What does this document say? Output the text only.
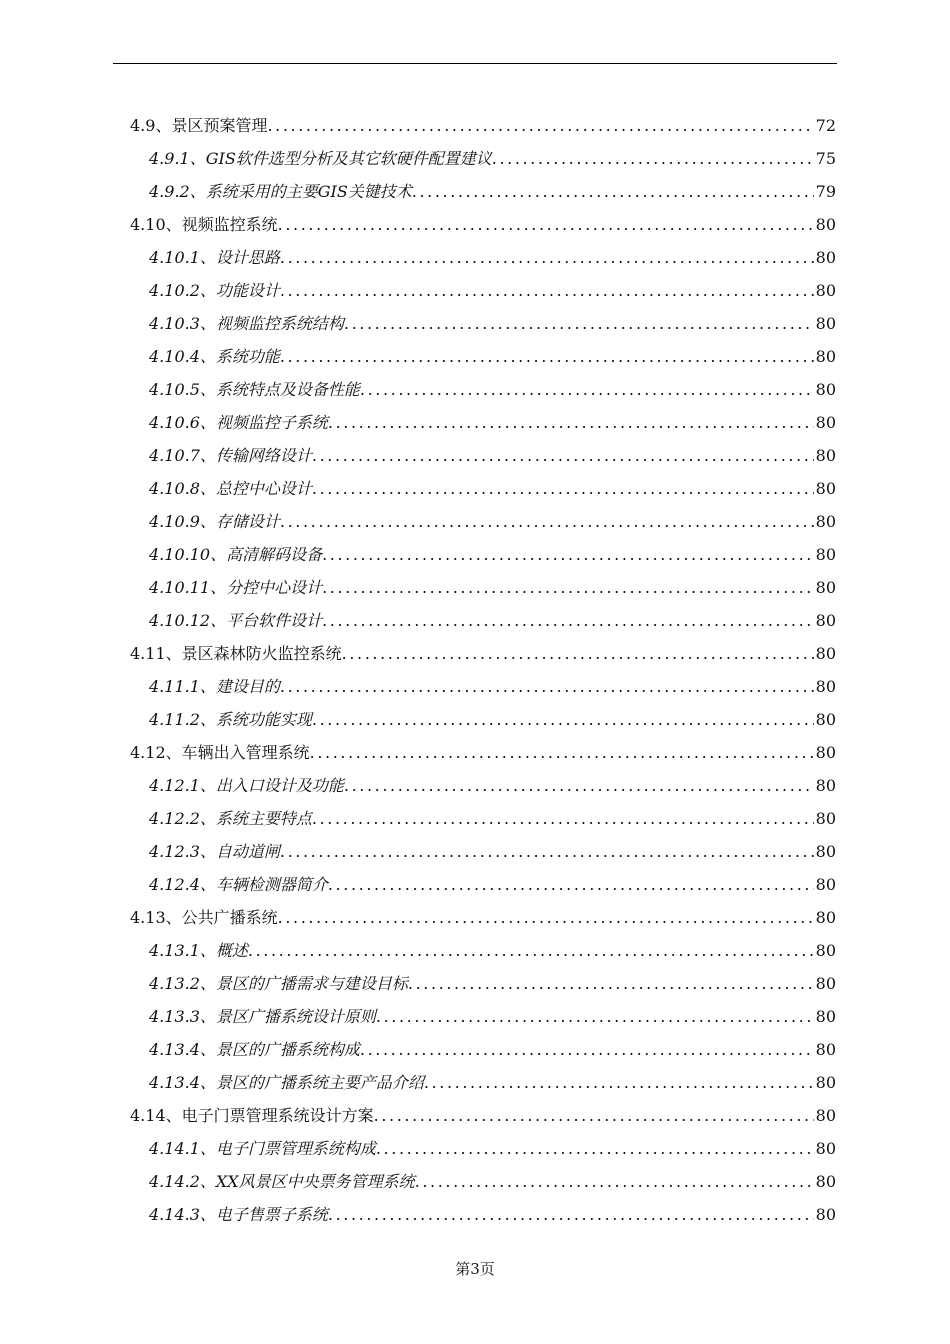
4.9、景区预案管理 .....	72
4.9.1、GIS软件选型分析及其它软硬件配置建议 .....	75
4.9.2、系统采用的主要GIS关键技术 .....	79
4.10、视频监控系统 .....	80
4.10.1、设计思路 .....	80
4.10.2、功能设计 .....	80
4.10.3、视频监控系统结构 .....	80
4.10.4、系统功能 .....	80
4.10.5、系统特点及设备性能 .....	80
4.10.6、视频监控子系统 .....	80
4.10.7、传输网络设计 .....	80
4.10.8、总控中心设计 .....	80
4.10.9、存储设计 .....	80
4.10.10、高清解码设备 .....	80
4.10.11、分控中心设计 .....	80
4.10.12、平台软件设计 .....	80
4.11、景区森林防火监控系统 .....	80
4.11.1、建设目的 .....	80
4.11.2、系统功能实现 .....	80
4.12、车辆出入管理系统 .....	80
4.12.1、出入口设计及功能 .....	80
4.12.2、系统主要特点 .....	80
4.12.3、自动道闸 .....	80
4.12.4、车辆检测器简介 .....	80
4.13、公共广播系统 .....	80
4.13.1、概述 .....	80
4.13.2、景区的广播需求与建设目标 .....	80
4.13.3、景区广播系统设计原则 .....	80
4.13.4、景区的广播系统构成 .....	80
4.13.4、景区的广播系统主要产品介绍 .....	80
4.14、电子门票管理系统设计方案 .....	80
4.14.1、电子门票管理系统构成 .....	80
4.14.2、XX风景区中央票务管理系统 .....	80
4.14.3、电子售票子系统 .....	80
第3页
